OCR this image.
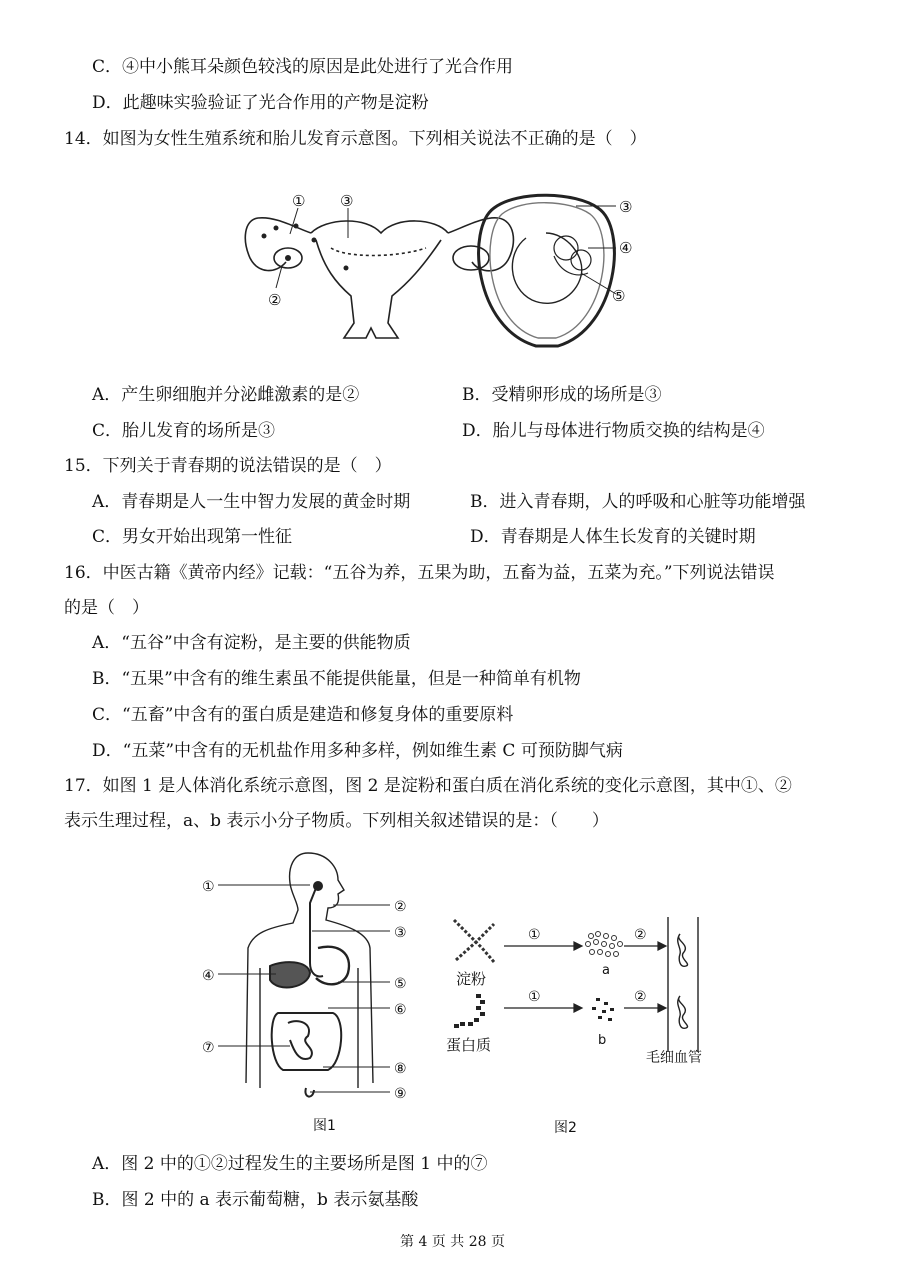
C．④中小熊耳朵颜色较浅的原因是此处进行了光合作用
D．此趣味实验验证了光合作用的产物是淀粉
14．如图为女性生殖系统和胎儿发育示意图。下列相关说法不正确的是（　）
① ③
②
③
④
⑤
A．产生卵细胞并分泌雌激素的是②	B．受精卵形成的场所是③
C．胎儿发育的场所是③	D．胎儿与母体进行物质交换的结构是④
15．下列关于青春期的说法错误的是（　）
A．青春期是人一生中智力发展的黄金时期	B．进入青春期，人的呼吸和心脏等功能增强
C．男女开始出现第一性征	D．青春期是人体生长发育的关键时期
16．中医古籍《黄帝内经》记载：“五谷为养，五果为助，五畜为益，五菜为充。”下列说法错误
的是（　）
A．“五谷”中含有淀粉，是主要的供能物质
B．“五果”中含有的维生素虽不能提供能量，但是一种简单有机物
C．“五畜”中含有的蛋白质是建造和修复身体的重要原料
D．“五菜”中含有的无机盐作用多种多样，例如维生素 C 可预防脚气病
17．如图 1 是人体消化系统示意图，图 2 是淀粉和蛋白质在消化系统的变化示意图，其中①、②
表示生理过程，a、b 表示小分子物质。下列相关叙述错误的是：（　　）
①
②
③
④	⑤
⑥
⑦
⑧
⑨
图1
淀粉
蛋白质
①
①
②
②
a
b
毛细血管
图2
A．图 2 中的①②过程发生的主要场所是图 1 中的⑦
B．图 2 中的 a 表示葡萄糖，b 表示氨基酸
第 4 页 共 28 页
